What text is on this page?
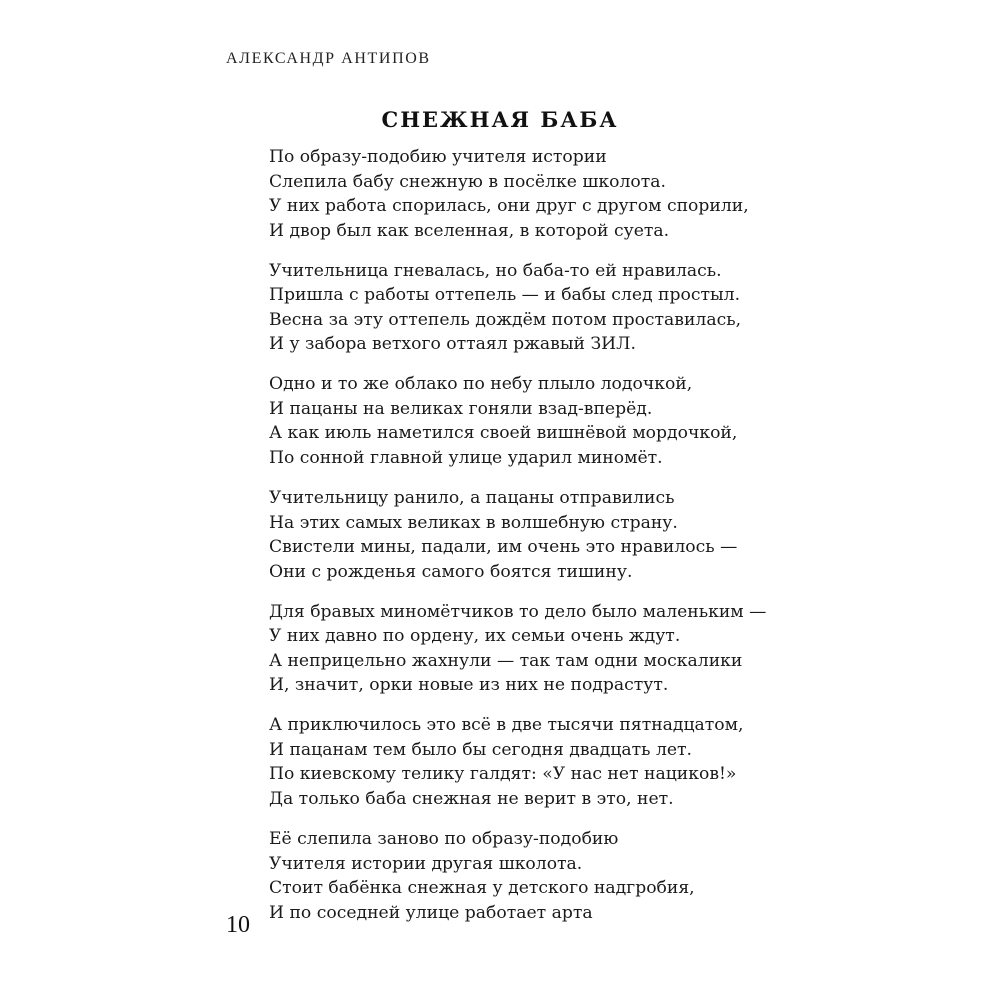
АЛЕКСАНДР АНТИПОВ
СНЕЖНАЯ БАБА
По образу-подобию учителя истории
Слепила бабу снежную в посёлке школота.
У них работа спорилась, они друг с другом спорили,
И двор был как вселенная, в которой суета.
Учительница гневалась, но баба-то ей нравилась.
Пришла с работы оттепель — и бабы след простыл.
Весна за эту оттепель дождём потом проставилась,
И у забора ветхого оттаял ржавый ЗИЛ.
Одно и то же облако по небу плыло лодочкой,
И пацаны на великах гоняли взад-вперёд.
А как июль наметился своей вишнёвой мордочкой,
По сонной главной улице ударил миномёт.
Учительницу ранило, а пацаны отправились
На этих самых великах в волшебную страну.
Свистели мины, падали, им очень это нравилось —
Они с рожденья самого боятся тишину.
Для бравых миномётчиков то дело было маленьким —
У них давно по ордену, их семьи очень ждут.
А неприцельно жахнули — так там одни москалики
И, значит, орки новые из них не подрастут.
А приключилось это всё в две тысячи пятнадцатом,
И пацанам тем было бы сегодня двадцать лет.
По киевскому телику галдят: «У нас нет нациков!»
Да только баба снежная не верит в это, нет.
Её слепила заново по образу-подобию
Учителя истории другая школота.
Стоит бабёнка снежная у детского надгробия,
И по соседней улице работает арта
10
